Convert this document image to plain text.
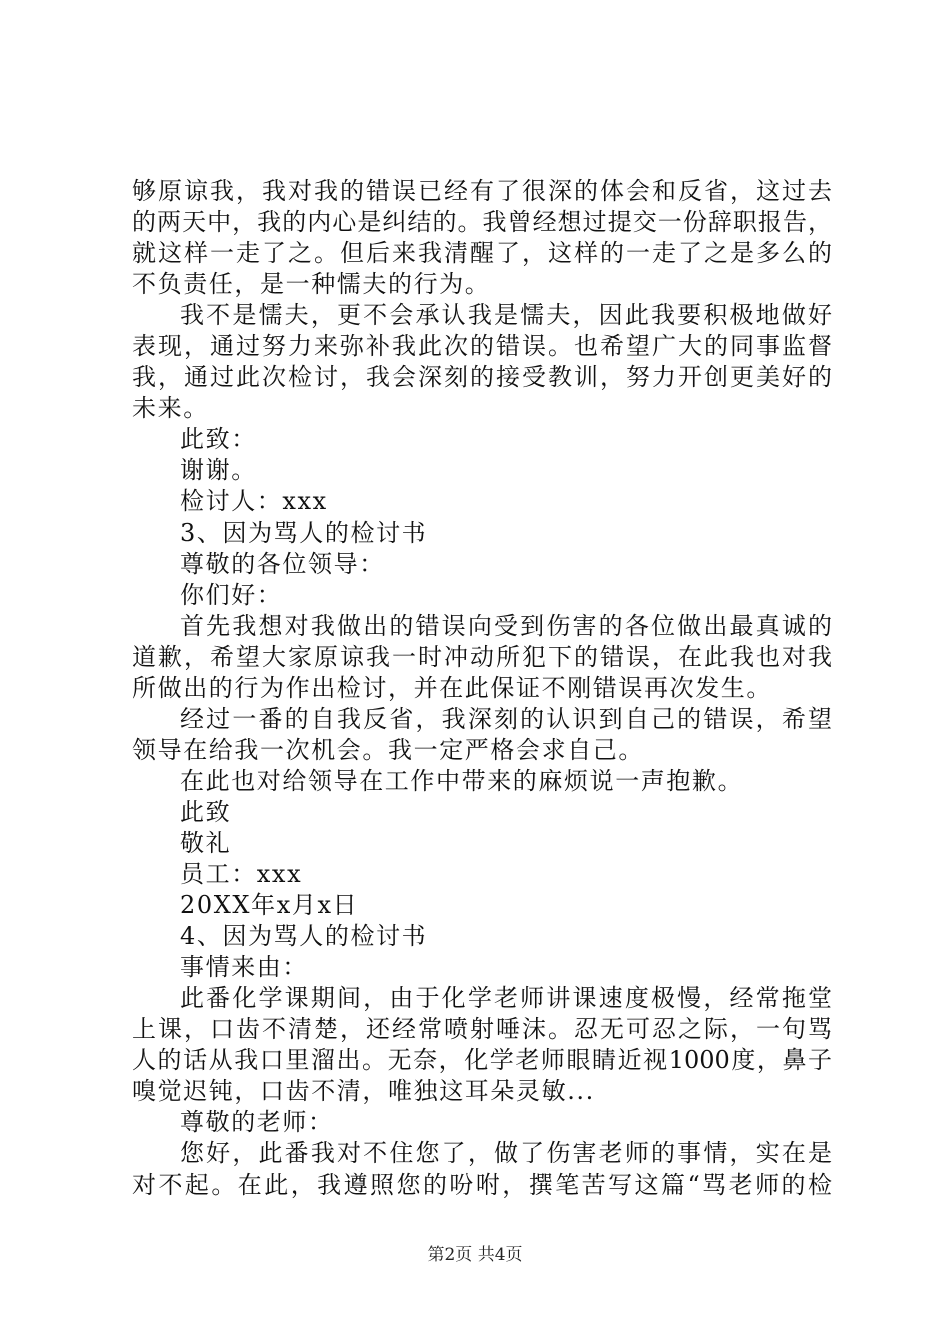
够原谅我，我对我的错误已经有了很深的体会和反省，这过去
的两天中，我的内心是纠结的。我曾经想过提交一份辞职报告，
就这样一走了之。但后来我清醒了，这样的一走了之是多么的
不负责任，是一种懦夫的行为。
我不是懦夫，更不会承认我是懦夫，因此我要积极地做好
表现，通过努力来弥补我此次的错误。也希望广大的同事监督
我，通过此次检讨，我会深刻的接受教训，努力开创更美好的
未来。
此致：
谢谢。
检讨人：xxx
3、因为骂人的检讨书
尊敬的各位领导：
你们好：
首先我想对我做出的错误向受到伤害的各位做出最真诚的
道歉，希望大家原谅我一时冲动所犯下的错误，在此我也对我
所做出的行为作出检讨，并在此保证不刚错误再次发生。
经过一番的自我反省，我深刻的认识到自己的错误，希望
领导在给我一次机会。我一定严格会求自己。
在此也对给领导在工作中带来的麻烦说一声抱歉。
此致
敬礼
员工：xxx
20XX年x月x日
4、因为骂人的检讨书
事情来由：
此番化学课期间，由于化学老师讲课速度极慢，经常拖堂
上课，口齿不清楚，还经常喷射唾沫。忍无可忍之际，一句骂
人的话从我口里溜出。无奈，化学老师眼睛近视1000度，鼻子
嗅觉迟钝，口齿不清，唯独这耳朵灵敏...
尊敬的老师：
您好，此番我对不住您了，做了伤害老师的事情，实在是
对不起。在此，我遵照您的吩咐，撰笔苦写这篇“骂老师的检
第2页 共4页
